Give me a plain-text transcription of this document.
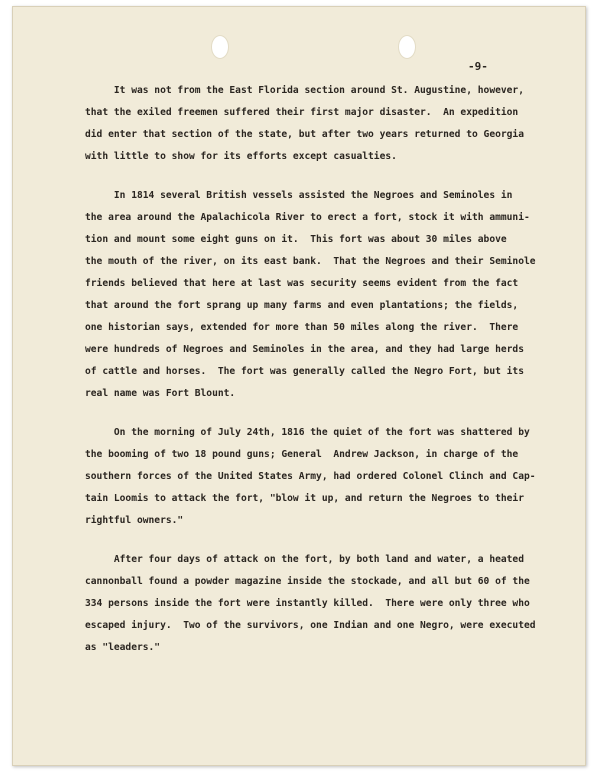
-9-
It was not from the East Florida section around St. Augustine, however,
that the exiled freemen suffered their first major disaster.  An expedition
did enter that section of the state, but after two years returned to Georgia
with little to show for its efforts except casualties.
In 1814 several British vessels assisted the Negroes and Seminoles in
the area around the Apalachicola River to erect a fort, stock it with ammuni-
tion and mount some eight guns on it.  This fort was about 30 miles above
the mouth of the river, on its east bank.  That the Negroes and their Seminole
friends believed that here at last was security seems evident from the fact
that around the fort sprang up many farms and even plantations; the fields,
one historian says, extended for more than 50 miles along the river.  There
were hundreds of Negroes and Seminoles in the area, and they had large herds
of cattle and horses.  The fort was generally called the Negro Fort, but its
real name was Fort Blount.
On the morning of July 24th, 1816 the quiet of the fort was shattered by
the booming of two 18 pound guns; General  Andrew Jackson, in charge of the
southern forces of the United States Army, had ordered Colonel Clinch and Cap-
tain Loomis to attack the fort, "blow it up, and return the Negroes to their
rightful owners."
After four days of attack on the fort, by both land and water, a heated
cannonball found a powder magazine inside the stockade, and all but 60 of the
334 persons inside the fort were instantly killed.  There were only three who
escaped injury.  Two of the survivors, one Indian and one Negro, were executed
as "leaders."
